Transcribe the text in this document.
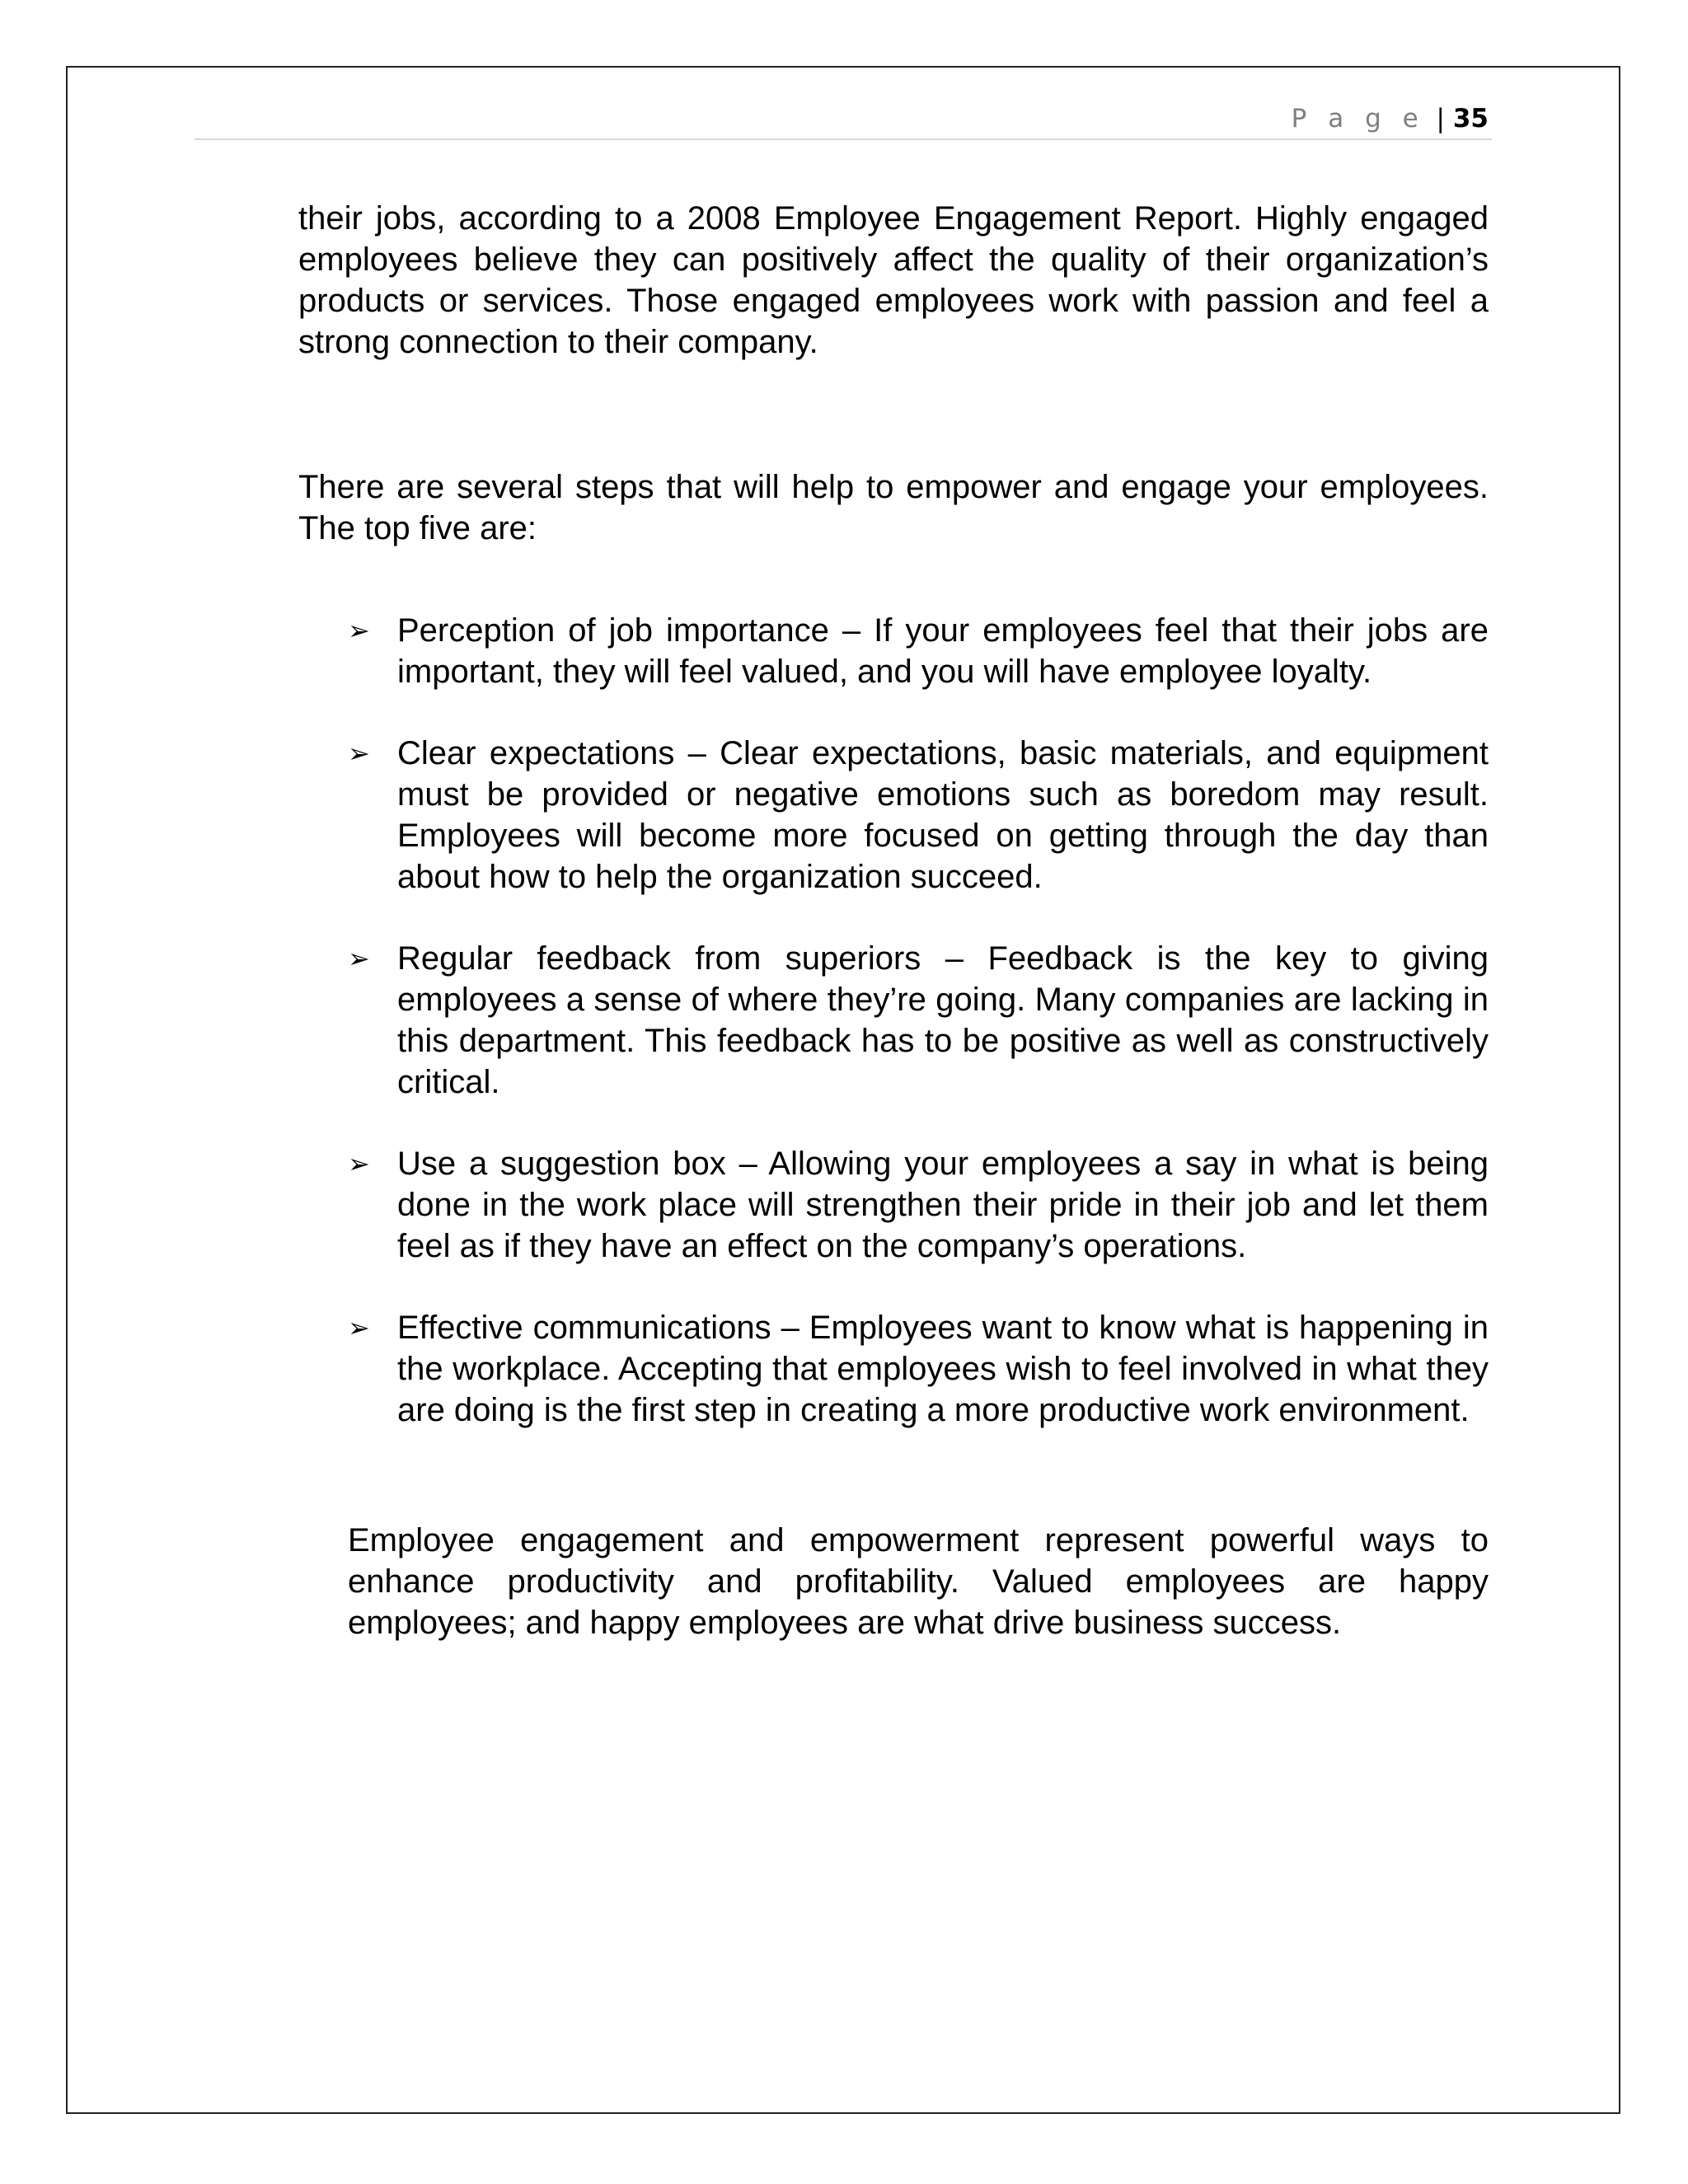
P a g e | 35

their jobs, according to a 2008 Employee Engagement Report. Highly engaged employees believe they can positively affect the quality of their organization’s products or services. Those engaged employees work with passion and feel a strong connection to their company.

There are several steps that will help to empower and engage your employees. The top five are:

➢ Perception of job importance – If your employees feel that their jobs are important, they will feel valued, and you will have employee loyalty.
➢ Clear expectations – Clear expectations, basic materials, and equipment must be provided or negative emotions such as boredom may result. Employees will become more focused on getting through the day than about how to help the organization succeed.
➢ Regular feedback from superiors – Feedback is the key to giving employees a sense of where they’re going. Many companies are lacking in this department. This feedback has to be positive as well as constructively critical.
➢ Use a suggestion box – Allowing your employees a say in what is being done in the work place will strengthen their pride in their job and let them feel as if they have an effect on the company’s operations.
➢ Effective communications – Employees want to know what is happening in the workplace. Accepting that employees wish to feel involved in what they are doing is the first step in creating a more productive work environment.

Employee engagement and empowerment represent powerful ways to enhance productivity and profitability. Valued employees are happy employees; and happy employees are what drive business success.
